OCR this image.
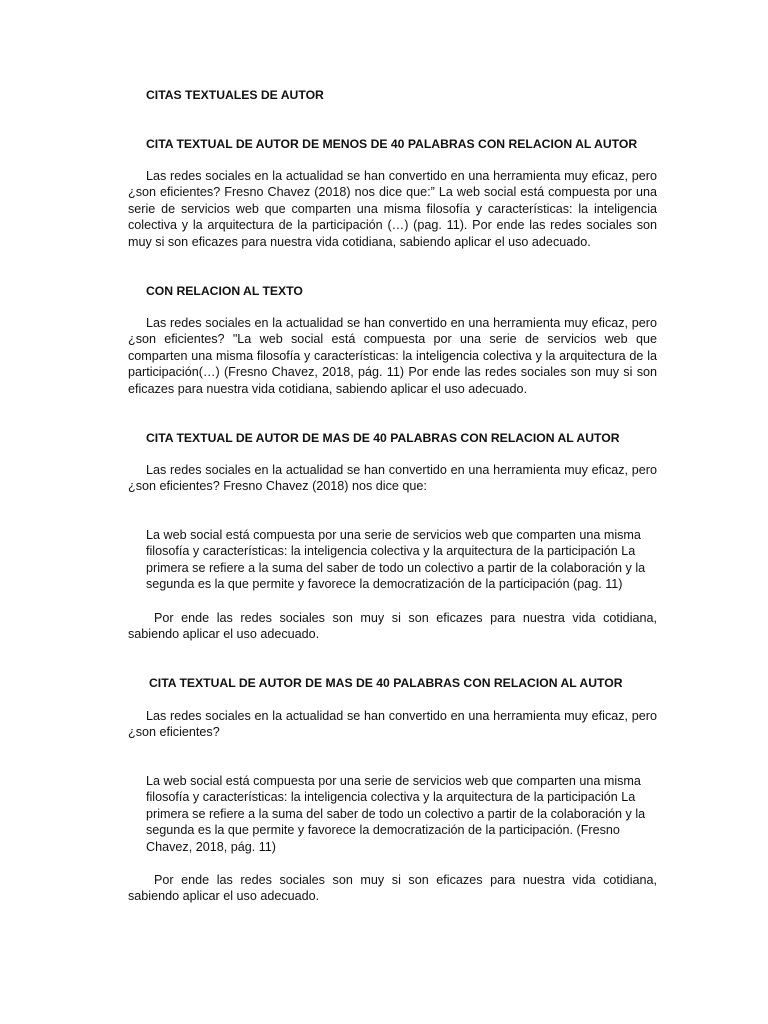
CITAS TEXTUALES DE AUTOR

CITA TEXTUAL DE AUTOR DE MENOS DE 40 PALABRAS CON RELACION AL AUTOR

Las redes sociales en la actualidad se han convertido en una herramienta muy eficaz, pero ¿son eficientes? Fresno Chavez (2018) nos dice que:” La web social está compuesta por una serie de servicios web que comparten una misma filosofía y características: la inteligencia colectiva y la arquitectura de la participación (…) (pag. 11). Por ende las redes sociales son muy si son eficazes para nuestra vida cotidiana, sabiendo aplicar el uso adecuado.

CON RELACION AL TEXTO

Las redes sociales en la actualidad se han convertido en una herramienta muy eficaz, pero ¿son eficientes? "La web social está compuesta por una serie de servicios web que comparten una misma filosofía y características: la inteligencia colectiva y la arquitectura de la participación(…) (Fresno Chavez, 2018, pág. 11) Por ende las redes sociales son muy si son eficazes para nuestra vida cotidiana, sabiendo aplicar el uso adecuado.

CITA TEXTUAL DE AUTOR DE MAS DE 40 PALABRAS CON RELACION AL AUTOR

Las redes sociales en la actualidad se han convertido en una herramienta muy eficaz, pero ¿son eficientes? Fresno Chavez (2018) nos dice que:

La web social está compuesta por una serie de servicios web que comparten una misma filosofía y características: la inteligencia colectiva y la arquitectura de la participación La primera se refiere a la suma del saber de todo un colectivo a partir de la colaboración y la segunda es la que permite y favorece la democratización de la participación (pag. 11)

Por ende las redes sociales son muy si son eficazes para nuestra vida cotidiana, sabiendo aplicar el uso adecuado.

CITA TEXTUAL DE AUTOR DE MAS DE 40 PALABRAS CON RELACION AL AUTOR

Las redes sociales en la actualidad se han convertido en una herramienta muy eficaz, pero ¿son eficientes?

La web social está compuesta por una serie de servicios web que comparten una misma filosofía y características: la inteligencia colectiva y la arquitectura de la participación La primera se refiere a la suma del saber de todo un colectivo a partir de la colaboración y la segunda es la que permite y favorece la democratización de la participación. (Fresno Chavez, 2018, pág. 11)

Por ende las redes sociales son muy si son eficazes para nuestra vida cotidiana, sabiendo aplicar el uso adecuado.
